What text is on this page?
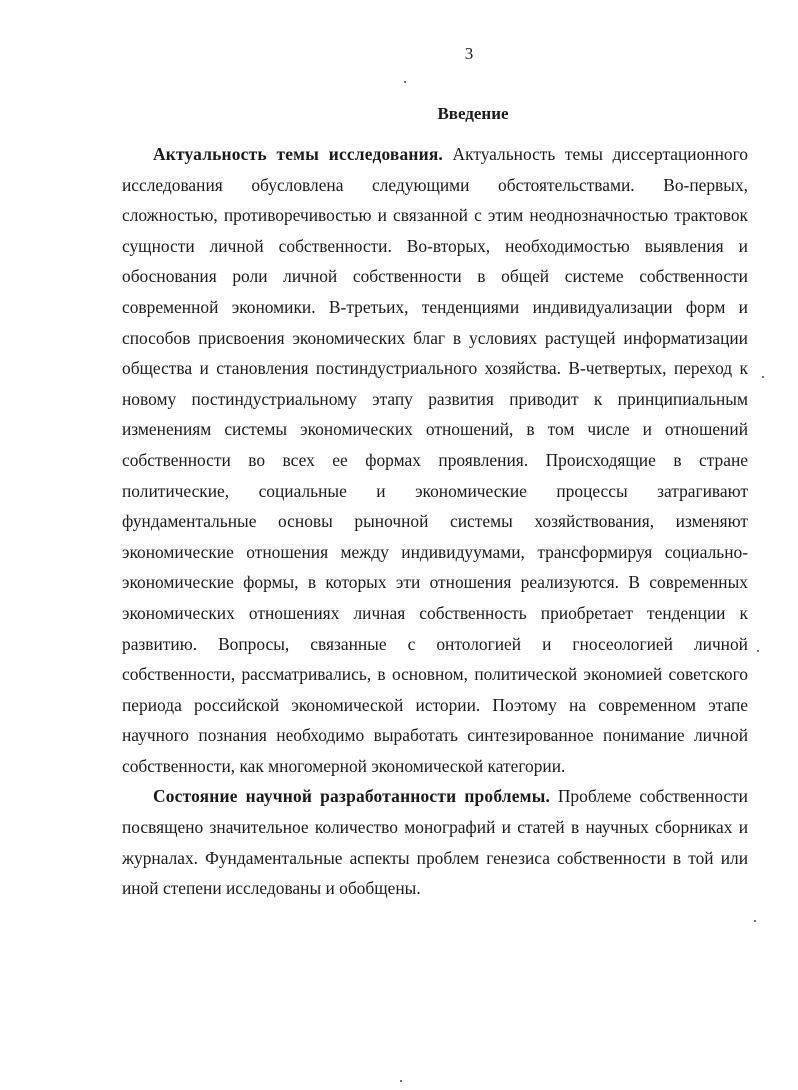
3
Введение

Актуальность темы исследования. Актуальность темы диссертационного исследования обусловлена следующими обстоятельствами. Во-первых, сложностью, противоречивостью и связанной с этим неоднозначностью трактовок сущности личной собственности. Во-вторых, необходимостью выявления и обоснования роли личной собственности в общей системе собственности современной экономики. В-третьих, тенденциями индивидуализации форм и способов присвоения экономических благ в условиях растущей информатизации общества и становления постиндустриального хозяйства. В-четвертых, переход к новому постиндустриальному этапу развития приводит к принципиальным изменениям системы экономических отношений, в том числе и отношений собственности во всех ее формах проявления. Происходящие в стране политические, социальные и экономические процессы затрагивают фундаментальные основы рыночной системы хозяйствования, изменяют экономические отношения между индивидуумами, трансформируя социально-экономические формы, в которых эти отношения реализуются. В современных экономических отношениях личная собственность приобретает тенденции к развитию. Вопросы, связанные с онтологией и гносеологией личной собственности, рассматривались, в основном, политической экономией советского периода российской экономической истории. Поэтому на современном этапе научного познания необходимо выработать синтезированное понимание личной собственности, как многомерной экономической категории.

Состояние научной разработанности проблемы. Проблеме собственности посвящено значительное количество монографий и статей в научных сборниках и журналах. Фундаментальные аспекты проблем генезиса собственности в той или иной степени исследованы и обобщены.
